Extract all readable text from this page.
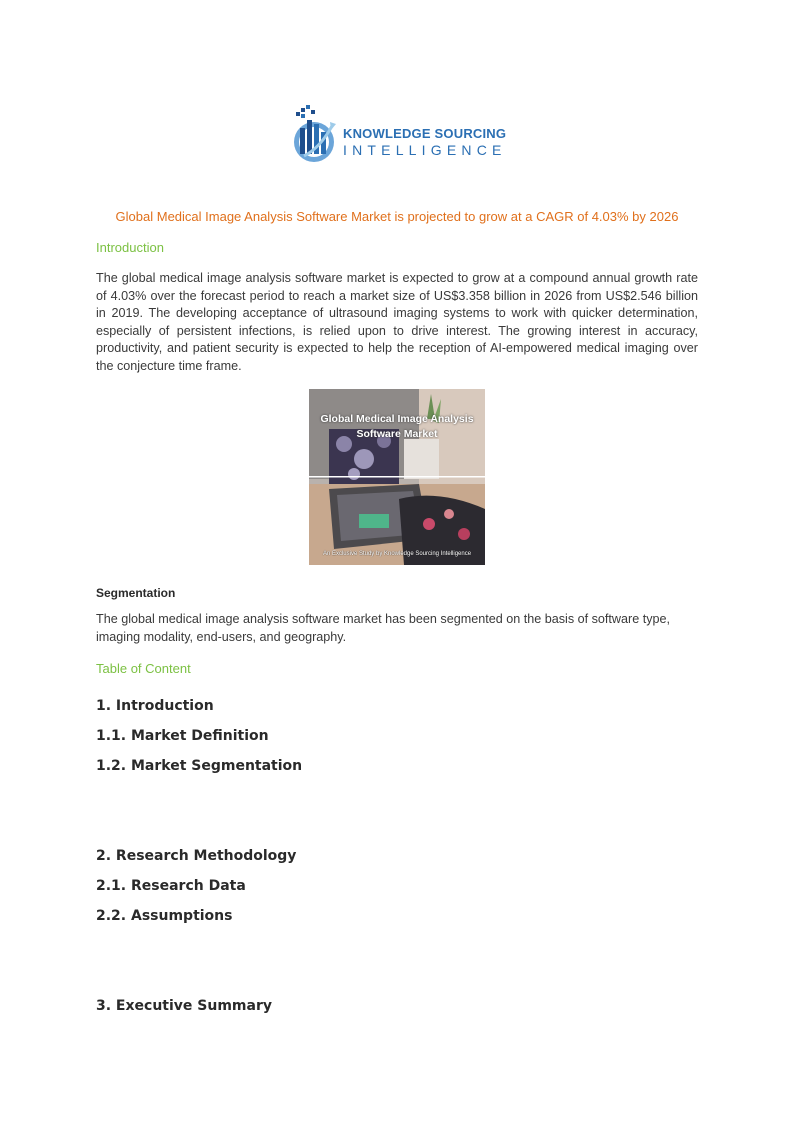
KNOWLEDGE SOURCING
INTELLIGENCE
Global Medical Image Analysis Software Market is projected to grow at a CAGR of 4.03% by 2026
Introduction

The global medical image analysis software market is expected to grow at a compound annual growth rate of 4.03% over the forecast period to reach a market size of US$3.358 billion in 2026 from US$2.546 billion in 2019. The developing acceptance of ultrasound imaging systems to work with quicker determination, especially of persistent infections, is relied upon to drive interest. The growing interest in accuracy, productivity, and patient security is expected to help the reception of AI-empowered medical imaging over the conjecture time frame.

Global Medical Image Analysis
Software Market
An Exclusive Study by Knowledge Sourcing Intelligence
Segmentation

The global medical image analysis software market has been segmented on the basis of software type, imaging modality, end-users, and geography.

Table of Content
1. Introduction
1.1. Market Definition
1.2. Market Segmentation
2. Research Methodology
2.1. Research Data
2.2. Assumptions
3. Executive Summary
